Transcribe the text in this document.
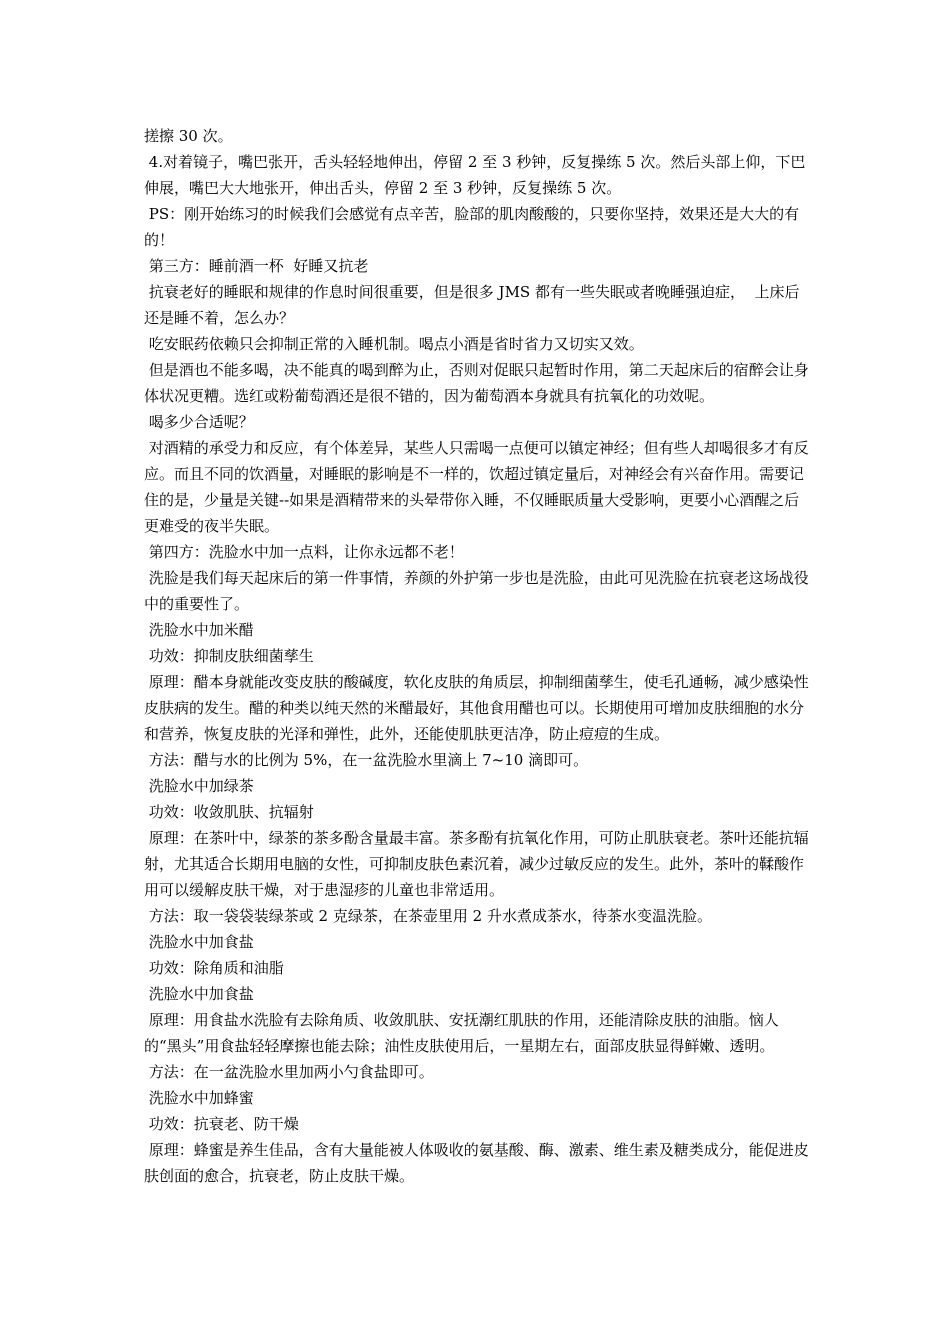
搓擦 30 次。

4.对着镜子，嘴巴张开，舌头轻轻地伸出，停留 2 至 3 秒钟，反复操练 5 次。然后头部上仰，下巴伸展，嘴巴大大地张开，伸出舌头，停留 2 至 3 秒钟，反复操练 5 次。

PS：刚开始练习的时候我们会感觉有点辛苦，脸部的肌肉酸酸的，只要你坚持，效果还是大大的有的！

第三方：睡前酒一杯  好睡又抗老

抗衰老好的睡眠和规律的作息时间很重要，但是很多 JMS 都有一些失眠或者晚睡强迫症，  上床后还是睡不着，怎么办？

吃安眠药依赖只会抑制正常的入睡机制。喝点小酒是省时省力又切实又效。

但是酒也不能多喝，决不能真的喝到醉为止，否则对促眠只起暂时作用，第二天起床后的宿醉会让身体状况更糟。选红或粉葡萄酒还是很不错的，因为葡萄酒本身就具有抗氧化的功效呢。

喝多少合适呢？

对酒精的承受力和反应，有个体差异，某些人只需喝一点便可以镇定神经；但有些人却喝很多才有反应。而且不同的饮酒量，对睡眠的影响是不一样的，饮超过镇定量后，对神经会有兴奋作用。需要记住的是，少量是关键--如果是酒精带来的头晕带你入睡，不仅睡眠质量大受影响，更要小心酒醒之后更难受的夜半失眠。

第四方：洗脸水中加一点料，让你永远都不老！

洗脸是我们每天起床后的第一件事情，养颜的外护第一步也是洗脸，由此可见洗脸在抗衰老这场战役中的重要性了。

洗脸水中加米醋

功效：抑制皮肤细菌孳生

原理：醋本身就能改变皮肤的酸碱度，软化皮肤的角质层，抑制细菌孳生，使毛孔通畅，减少感染性皮肤病的发生。醋的种类以纯天然的米醋最好，其他食用醋也可以。长期使用可增加皮肤细胞的水分和营养，恢复皮肤的光泽和弹性，此外，还能使肌肤更洁净，防止痘痘的生成。

方法：醋与水的比例为 5%，在一盆洗脸水里滴上 7~10 滴即可。

洗脸水中加绿茶

功效：收敛肌肤、抗辐射

原理：在茶叶中，绿茶的茶多酚含量最丰富。茶多酚有抗氧化作用，可防止肌肤衰老。茶叶还能抗辐射，尤其适合长期用电脑的女性，可抑制皮肤色素沉着，减少过敏反应的发生。此外，茶叶的鞣酸作用可以缓解皮肤干燥，对于患湿疹的儿童也非常适用。

方法：取一袋袋装绿茶或 2 克绿茶，在茶壶里用 2 升水煮成茶水，待茶水变温洗脸。

洗脸水中加食盐

功效：除角质和油脂

洗脸水中加食盐

原理：用食盐水洗脸有去除角质、收敛肌肤、安抚潮红肌肤的作用，还能清除皮肤的油脂。恼人的“黑头”用食盐轻轻摩擦也能去除；油性皮肤使用后，一星期左右，面部皮肤显得鲜嫩、透明。

方法：在一盆洗脸水里加两小勺食盐即可。

洗脸水中加蜂蜜

功效：抗衰老、防干燥

原理：蜂蜜是养生佳品，含有大量能被人体吸收的氨基酸、酶、激素、维生素及糖类成分，能促进皮肤创面的愈合，抗衰老，防止皮肤干燥。
